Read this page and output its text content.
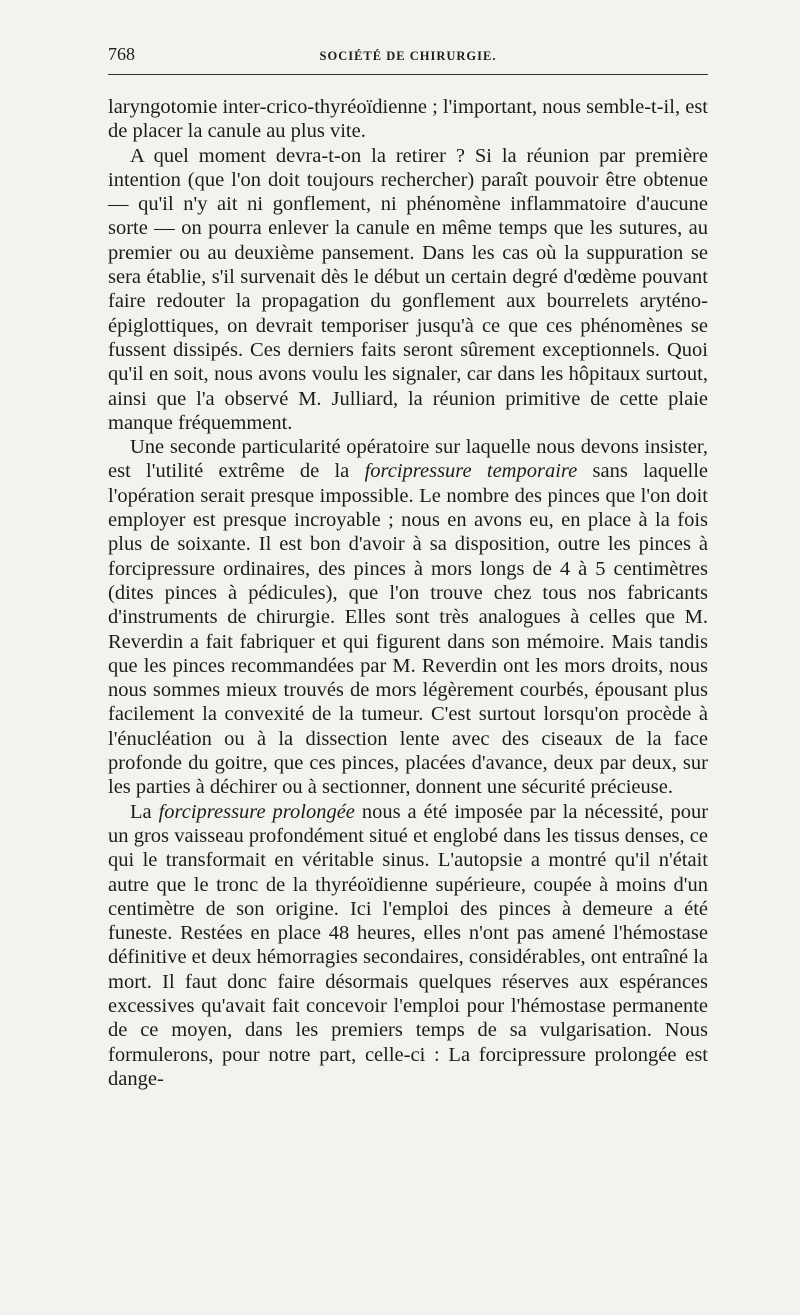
768	SOCIÉTÉ DE CHIRURGIE.

laryngotomie inter-crico-thyréoïdienne ; l'important, nous semble-t-il, est de placer la canule au plus vite.

A quel moment devra-t-on la retirer ? Si la réunion par première intention (que l'on doit toujours rechercher) paraît pouvoir être obtenue — qu'il n'y ait ni gonflement, ni phénomène inflammatoire d'aucune sorte — on pourra enlever la canule en même temps que les sutures, au premier ou au deuxième pansement. Dans les cas où la suppuration se sera établie, s'il survenait dès le début un certain degré d'œdème pouvant faire redouter la propagation du gonflement aux bourrelets aryténo-épiglottiques, on devrait temporiser jusqu'à ce que ces phénomènes se fussent dissipés. Ces derniers faits seront sûrement exceptionnels. Quoi qu'il en soit, nous avons voulu les signaler, car dans les hôpitaux surtout, ainsi que l'a observé M. Julliard, la réunion primitive de cette plaie manque fréquemment.

Une seconde particularité opératoire sur laquelle nous devons insister, est l'utilité extrême de la forcipressure temporaire sans laquelle l'opération serait presque impossible. Le nombre des pinces que l'on doit employer est presque incroyable ; nous en avons eu, en place à la fois plus de soixante. Il est bon d'avoir à sa disposition, outre les pinces à forcipressure ordinaires, des pinces à mors longs de 4 à 5 centimètres (dites pinces à pédicules), que l'on trouve chez tous nos fabricants d'instruments de chirurgie. Elles sont très analogues à celles que M. Reverdin a fait fabriquer et qui figurent dans son mémoire. Mais tandis que les pinces recommandées par M. Reverdin ont les mors droits, nous nous sommes mieux trouvés de mors légèrement courbés, épousant plus facilement la convexité de la tumeur. C'est surtout lorsqu'on procède à l'énucléation ou à la dissection lente avec des ciseaux de la face profonde du goitre, que ces pinces, placées d'avance, deux par deux, sur les parties à déchirer ou à sectionner, donnent une sécurité précieuse.

La forcipressure prolongée nous a été imposée par la nécessité, pour un gros vaisseau profondément situé et englobé dans les tissus denses, ce qui le transformait en véritable sinus. L'autopsie a montré qu'il n'était autre que le tronc de la thyréoïdienne supérieure, coupée à moins d'un centimètre de son origine. Ici l'emploi des pinces à demeure a été funeste. Restées en place 48 heures, elles n'ont pas amené l'hémostase définitive et deux hémorragies secondaires, considérables, ont entraîné la mort. Il faut donc faire désormais quelques réserves aux espérances excessives qu'avait fait concevoir l'emploi pour l'hémostase permanente de ce moyen, dans les premiers temps de sa vulgarisation. Nous formulerons, pour notre part, celle-ci : La forcipressure prolongée est dange-
